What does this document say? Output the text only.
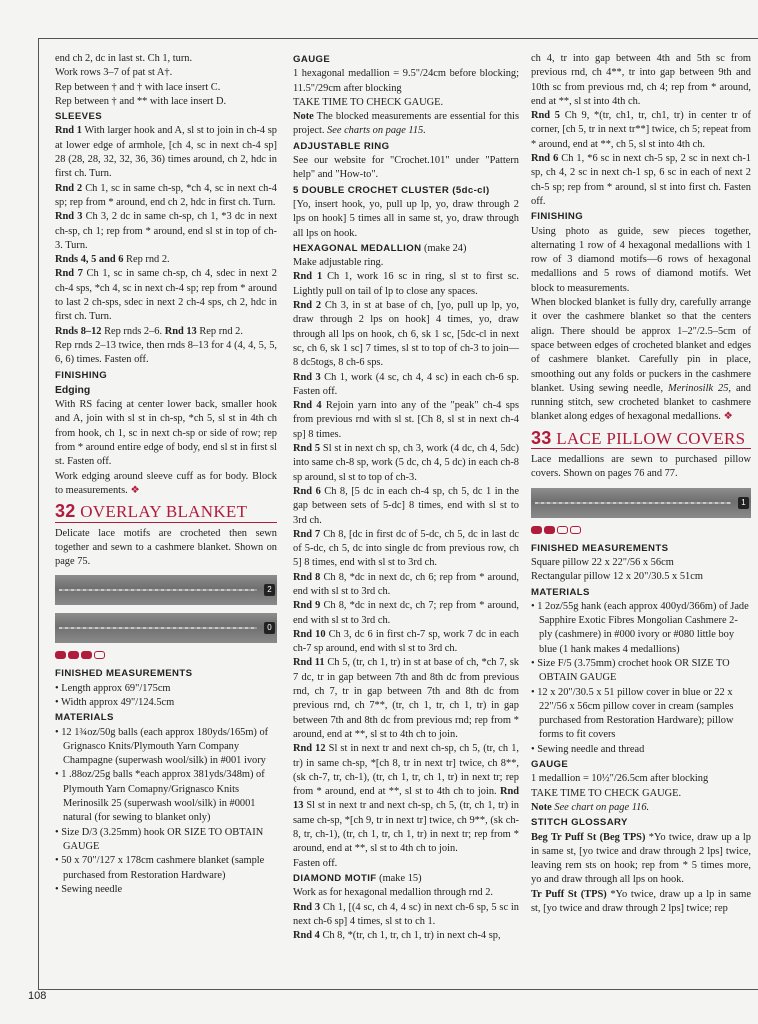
end ch 2, dc in last st. Ch 1, turn.

Work rows 3–7 of pat st A†.

Rep between † and † with lace insert C.

Rep between † and ** with lace insert D.

SLEEVES

Rnd 1 With larger hook and A, sl st to join in ch-4 sp at lower edge of armhole, [ch 4, sc in next ch-4 sp] 28 (28, 28, 32, 32, 36, 36) times around, ch 2, hdc in first ch. Turn.

Rnd 2 Ch 1, sc in same ch-sp, *ch 4, sc in next ch-4 sp; rep from * around, end ch 2, hdc in first ch. Turn.

Rnd 3 Ch 3, 2 dc in same ch-sp, ch 1, *3 dc in next ch-sp, ch 1; rep from * around, end sl st in top of ch-3. Turn.

Rnds 4, 5 and 6 Rep rnd 2.

Rnd 7 Ch 1, sc in same ch-sp, ch 4, sdec in next 2 ch-4 sps, *ch 4, sc in next ch-4 sp; rep from * around to last 2 ch-sps, sdec in next 2 ch-4 sps, ch 2, hdc in first ch. Turn.

Rnds 8–12 Rep rnds 2–6. Rnd 13 Rep rnd 2.

Rep rnds 2–13 twice, then rnds 8–13 for 4 (4, 4, 5, 5, 6, 6) times. Fasten off.

FINISHING
Edging

With RS facing at center lower back, smaller hook and A, join with sl st in ch-sp, *ch 5, sl st in 4th ch from hook, ch 1, sc in next ch-sp or side of row; rep from * around entire edge of body, end sl st in first sl st. Fasten off.

Work edging around sleeve cuff as for body. Block to measurements. ❖

32 OVERLAY BLANKET

Delicate lace motifs are crocheted then sewn together and sewn to a cashmere blanket. Shown on page 75.

2
0
FINISHED MEASUREMENTS

• Length approx 69"/175cm

• Width approx 49"/124.5cm

MATERIALS

• 12 1¾oz/50g balls (each approx 180yds/165m) of Grignasco Knits/Plymouth Yarn Company Champagne (superwash wool/silk) in #001 ivory

• 1 .88oz/25g balls *each approx 381yds/348m) of Plymouth Yarn Comapny/Grignasco Knits Merinosilk 25 (superwash wool/silk) in #0001 natural (for sewing to blanket only)

• Size D/3 (3.25mm) hook OR SIZE TO OBTAIN GAUGE

• 50 x 70"/127 x 178cm cashmere blanket (sample purchased from Restoration Hardware)

• Sewing needle

GAUGE

1 hexagonal medallion = 9.5"/24cm before blocking; 11.5"/29cm after blocking

TAKE TIME TO CHECK GAUGE.

Note The blocked measurements are essential for this project. See charts on page 115.

ADJUSTABLE RING

See our website for "Crochet.101" under "Pattern help" and "How-to".

5 DOUBLE CROCHET CLUSTER (5dc-cl)

[Yo, insert hook, yo, pull up lp, yo, draw through 2 lps on hook] 5 times all in same st, yo, draw through all lps on hook.

HEXAGONAL MEDALLION (make 24)

Make adjustable ring.

Rnd 1 Ch 1, work 16 sc in ring, sl st to first sc. Lightly pull on tail of lp to close any spaces.

Rnd 2 Ch 3, in st at base of ch, [yo, pull up lp, yo, draw through 2 lps on hook] 4 times, yo, draw through all lps on hook, ch 6, sk 1 sc, [5dc-cl in next sc, ch 6, sk 1 sc] 7 times, sl st to top of ch-3 to join—8 dc5togs, 8 ch-6 sps.

Rnd 3 Ch 1, work (4 sc, ch 4, 4 sc) in each ch-6 sp. Fasten off.

Rnd 4 Rejoin yarn into any of the "peak" ch-4 sps from previous rnd with sl st. [Ch 8, sl st in next ch-4 sp] 8 times.

Rnd 5 Sl st in next ch sp, ch 3, work (4 dc, ch 4, 5dc) into same ch-8 sp, work (5 dc, ch 4, 5 dc) in each ch-8 sp around, sl st to top of ch-3.

Rnd 6 Ch 8, [5 dc in each ch-4 sp, ch 5, dc 1 in the gap between sets of 5-dc] 8 times, end with sl st to 3rd ch.

Rnd 7 Ch 8, [dc in first dc of 5-dc, ch 5, dc in last dc of 5-dc, ch 5, dc into single dc from previous row, ch 5] 8 times, end with sl st to 3rd ch.

Rnd 8 Ch 8, *dc in next dc, ch 6; rep from * around, end with sl st to 3rd ch.

Rnd 9 Ch 8, *dc in next dc, ch 7; rep from * around, end with sl st to 3rd ch.

Rnd 10 Ch 3, dc 6 in first ch-7 sp, work 7 dc in each ch-7 sp around, end with sl st to 3rd ch.

Rnd 11 Ch 5, (tr, ch 1, tr) in st at base of ch, *ch 7, sk 7 dc, tr in gap between 7th and 8th dc from previous rnd, ch 7, tr in gap between 7th and 8th dc from previous rnd, ch 7**, (tr, ch 1, tr, ch 1, tr) in gap between 7th and 8th dc from previous rnd; rep from * around, end at **, sl st to 4th ch to join.

Rnd 12 Sl st in next tr and next ch-sp, ch 5, (tr, ch 1, tr) in same ch-sp, *[ch 8, tr in next tr] twice, ch 8**, (sk ch-7, tr, ch-1), (tr, ch 1, tr, ch 1, tr) in next tr; rep from * around, end at **, sl st to 4th ch to join. Rnd 13 Sl st in next tr and next ch-sp, ch 5, (tr, ch 1, tr) in same ch-sp, *[ch 9, tr in next tr] twice, ch 9**, (sk ch-8, tr, ch-1), (tr, ch 1, tr, ch 1, tr) in next tr; rep from * around, end at **, sl st to 4th ch to join.

Fasten off.

DIAMOND MOTIF (make 15)

Work as for hexagonal medallion through rnd 2.

Rnd 3 Ch 1, [(4 sc, ch 4, 4 sc) in next ch-6 sp, 5 sc in next ch-6 sp] 4 times, sl st to ch 1.

Rnd 4 Ch 8, *(tr, ch 1, tr, ch 1, tr) in next ch-4 sp,

ch 4, tr into gap between 4th and 5th sc from previous rnd, ch 4**, tr into gap between 9th and 10th sc from previous rnd, ch 4; rep from * around, end at **, sl st into 4th ch.

Rnd 5 Ch 9, *(tr, ch1, tr, ch1, tr) in center tr of corner, [ch 5, tr in next tr**] twice, ch 5; repeat from * around, end at **, ch 5, sl st into 4th ch.

Rnd 6 Ch 1, *6 sc in next ch-5 sp, 2 sc in next ch-1 sp, ch 4, 2 sc in next ch-1 sp, 6 sc in each of next 2 ch-5 sp; rep from * around, sl st into first ch. Fasten off.

FINISHING

Using photo as guide, sew pieces together, alternating 1 row of 4 hexagonal medallions with 1 row of 3 diamond motifs—6 rows of hexagonal medallions and 5 rows of diamond motifs. Wet block to measurements.

When blocked blanket is fully dry, carefully arrange it over the cashmere blanket so that the centers align. There should be approx 1–2"/2.5–5cm of space between edges of crocheted blanket and edges of cashmere blanket. Carefully pin in place, smoothing out any folds or puckers in the cashmere blanket. Using sewing needle, Merinosilk 25, and running stitch, sew crocheted blanket to cashmere blanket along edges of hexagonal medallions. ❖

33 LACE PILLOW COVERS

Lace medallions are sewn to purchased pillow covers. Shown on pages 76 and 77.

1
FINISHED MEASUREMENTS

Square pillow 22 x 22"/56 x 56cm

Rectangular pillow 12 x 20"/30.5 x 51cm

MATERIALS

• 1 2oz/55g hank (each approx 400yd/366m) of Jade Sapphire Exotic Fibres Mongolian Cashmere 2-ply (cashmere) in #000 ivory or #080 little boy blue (1 hank makes 4 medallions)

• Size F/5 (3.75mm) crochet hook OR SIZE TO OBTAIN GAUGE

• 12 x 20"/30.5 x 51 pillow cover in blue or 22 x 22"/56 x 56cm pillow cover in cream (samples purchased from Restoration Hardware); pillow forms to fit covers

• Sewing needle and thread

GAUGE

1 medallion = 10½"/26.5cm after blocking

TAKE TIME TO CHECK GAUGE.

Note See chart on page 116.

STITCH GLOSSARY

Beg Tr Puff St (Beg TPS) *Yo twice, draw up a lp in same st, [yo twice and draw through 2 lps] twice, leaving rem sts on hook; rep from * 5 times more, yo and draw through all lps on hook.

Tr Puff St (TPS) *Yo twice, draw up a lp in same st, [yo twice and draw through 2 lps] twice; rep

108
